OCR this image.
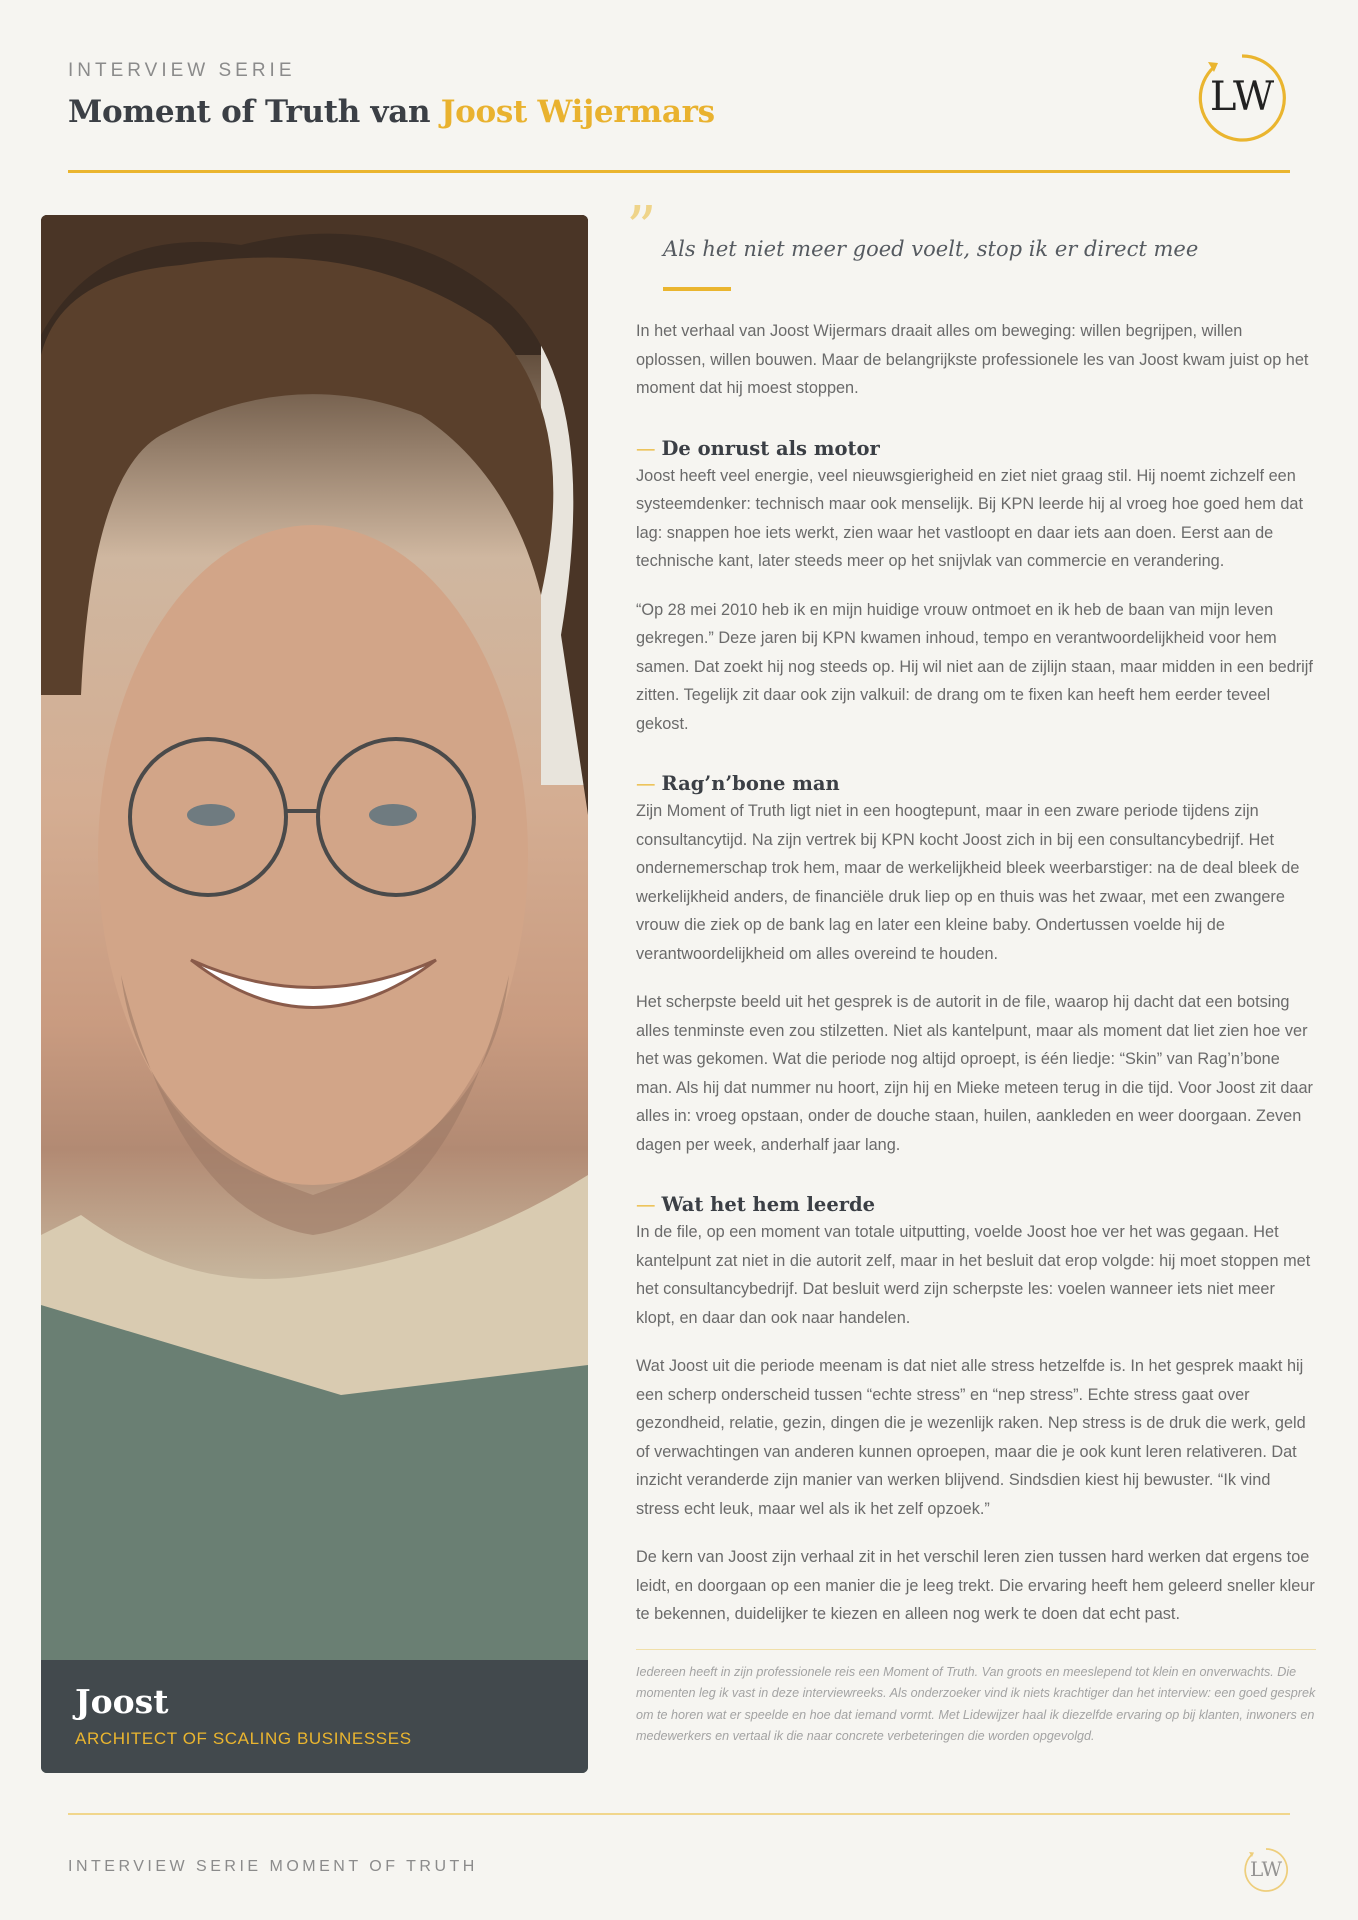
INTERVIEW SERIE
Moment of Truth van Joost Wijermars	LW
Joost
ARCHITECT OF SCALING BUSINESSES
” Als het niet meer goed voelt, stop ik er direct mee

In het verhaal van Joost Wijermars draait alles om beweging: willen begrijpen, willen oplossen, willen bouwen. Maar de belangrijkste professionele les van Joost kwam juist op het moment dat hij moest stoppen.

— De onrust als motor

Joost heeft veel energie, veel nieuwsgierigheid en ziet niet graag stil. Hij noemt zichzelf een systeemdenker: technisch maar ook menselijk. Bij KPN leerde hij al vroeg hoe goed hem dat lag: snappen hoe iets werkt, zien waar het vastloopt en daar iets aan doen. Eerst aan de technische kant, later steeds meer op het snijvlak van commercie en verandering.

“Op 28 mei 2010 heb ik en mijn huidige vrouw ontmoet en ik heb de baan van mijn leven gekregen.” Deze jaren bij KPN kwamen inhoud, tempo en verantwoordelijkheid voor hem samen. Dat zoekt hij nog steeds op. Hij wil niet aan de zijlijn staan, maar midden in een bedrijf zitten. Tegelijk zit daar ook zijn valkuil: de drang om te fixen kan heeft hem eerder teveel gekost.

— Rag’n’bone man

Zijn Moment of Truth ligt niet in een hoogtepunt, maar in een zware periode tijdens zijn consultancytijd. Na zijn vertrek bij KPN kocht Joost zich in bij een consultancybedrijf. Het ondernemerschap trok hem, maar de werkelijkheid bleek weerbarstiger: na de deal bleek de werkelijkheid anders, de financiële druk liep op en thuis was het zwaar, met een zwangere vrouw die ziek op de bank lag en later een kleine baby. Ondertussen voelde hij de verantwoordelijkheid om alles overeind te houden.

Het scherpste beeld uit het gesprek is de autorit in de file, waarop hij dacht dat een botsing alles tenminste even zou stilzetten. Niet als kantelpunt, maar als moment dat liet zien hoe ver het was gekomen. Wat die periode nog altijd oproept, is één liedje: “Skin” van Rag’n’bone man. Als hij dat nummer nu hoort, zijn hij en Mieke meteen terug in die tijd. Voor Joost zit daar alles in: vroeg opstaan, onder de douche staan, huilen, aankleden en weer doorgaan. Zeven dagen per week, anderhalf jaar lang.

— Wat het hem leerde

In de file, op een moment van totale uitputting, voelde Joost hoe ver het was gegaan. Het kantelpunt zat niet in die autorit zelf, maar in het besluit dat erop volgde: hij moet stoppen met het consultancybedrijf. Dat besluit werd zijn scherpste les: voelen wanneer iets niet meer klopt, en daar dan ook naar handelen.

Wat Joost uit die periode meenam is dat niet alle stress hetzelfde is. In het gesprek maakt hij een scherp onderscheid tussen “echte stress” en “nep stress”. Echte stress gaat over gezondheid, relatie, gezin, dingen die je wezenlijk raken. Nep stress is de druk die werk, geld of verwachtingen van anderen kunnen oproepen, maar die je ook kunt leren relativeren. Dat inzicht veranderde zijn manier van werken blijvend. Sindsdien kiest hij bewuster. “Ik vind stress echt leuk, maar wel als ik het zelf opzoek.”

De kern van Joost zijn verhaal zit in het verschil leren zien tussen hard werken dat ergens toe leidt, en doorgaan op een manier die je leeg trekt. Die ervaring heeft hem geleerd sneller kleur te bekennen, duidelijker te kiezen en alleen nog werk te doen dat echt past.

Iedereen heeft in zijn professionele reis een Moment of Truth. Van groots en meeslepend tot klein en onverwachts. Die momenten leg ik vast in deze interviewreeks. Als onderzoeker vind ik niets krachtiger dan het interview: een goed gesprek om te horen wat er speelde en hoe dat iemand vormt. Met Lidewijzer haal ik diezelfde ervaring op bij klanten, inwoners en medewerkers en vertaal ik die naar concrete verbeteringen die worden opgevolgd.

INTERVIEW SERIE MOMENT OF TRUTH	LW
